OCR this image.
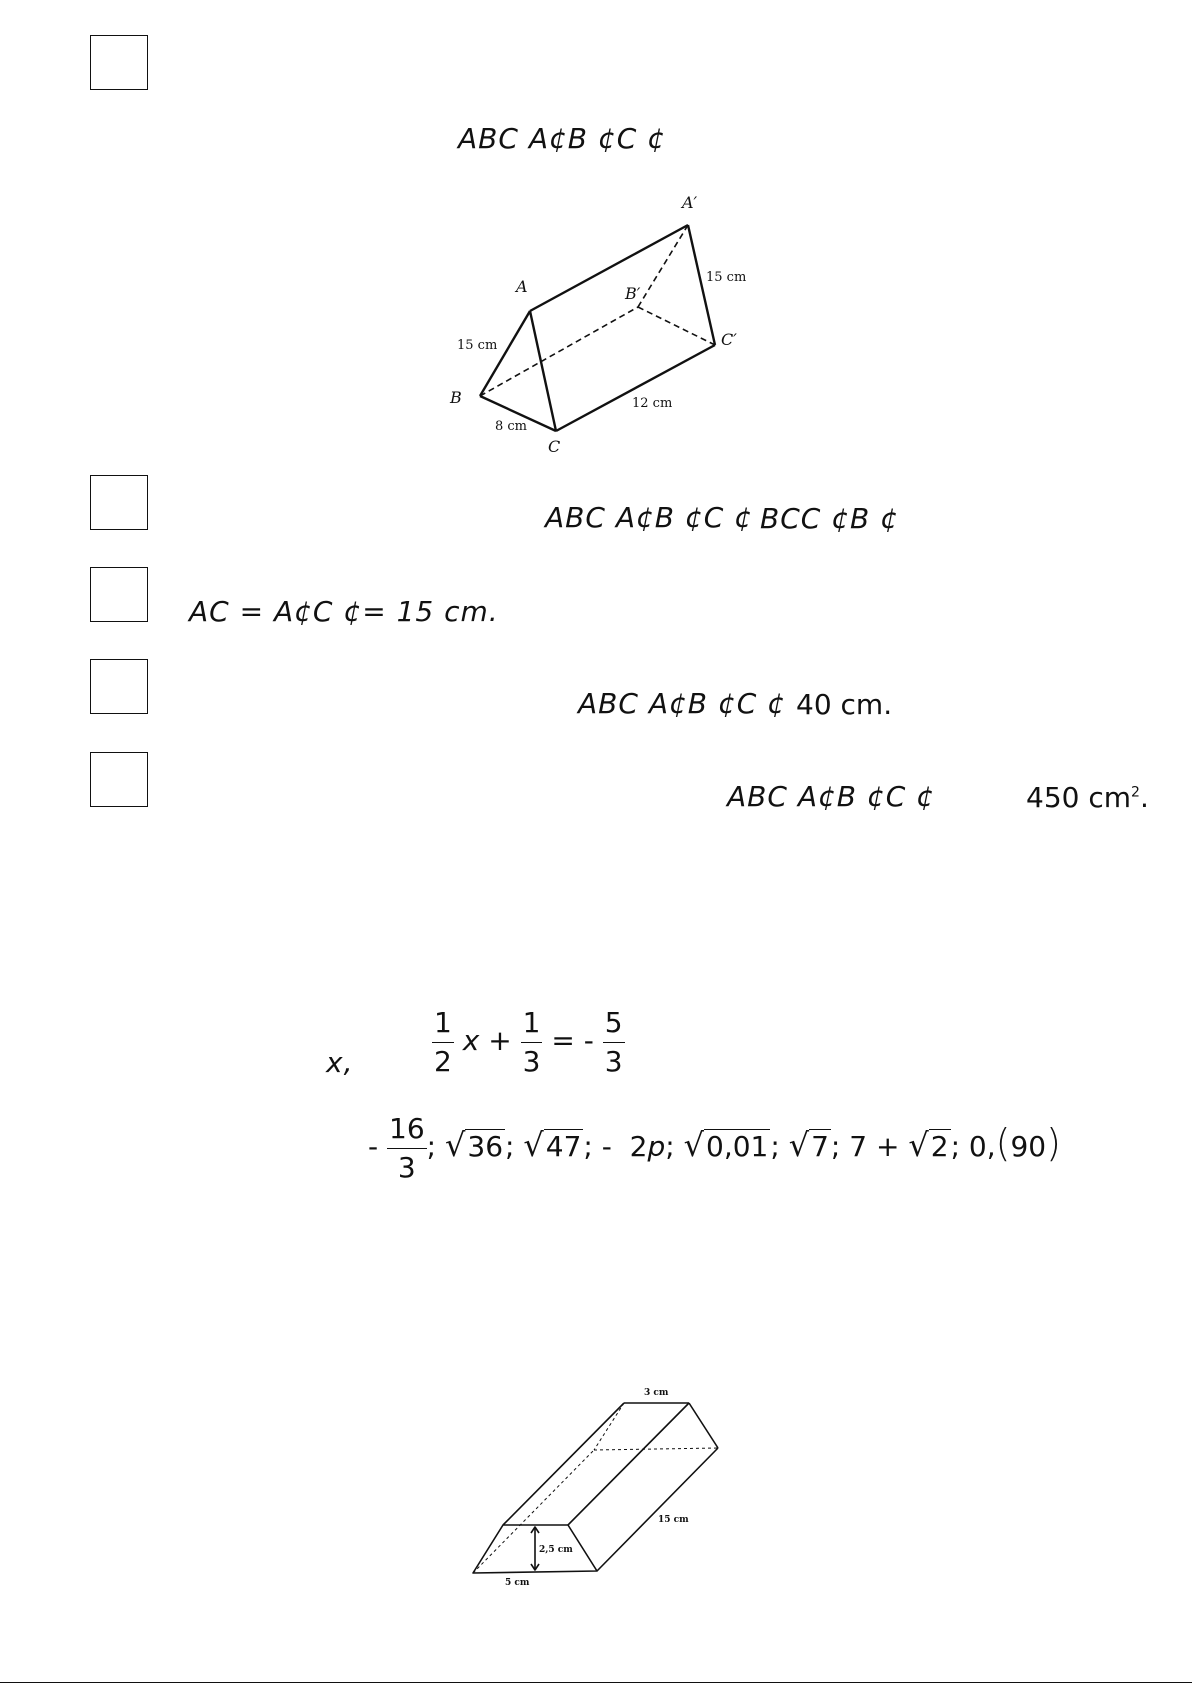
ABC A¢B ¢C ¢
A
B
C
A′
B′
C′
15 cm
8 cm
12 cm
15 cm
ABC A¢B ¢C ¢ BCC ¢B ¢
AC = A¢C ¢= 15 cm.
ABC A¢B ¢C ¢ 40 cm.
ABC A¢B ¢C ¢	450 $cm^2$.
x,	$\frac{1}{2}$ $x + \frac{1}{3}$ = - $\frac{5}{3}$
- $\frac{16}{3}$ ; √36; √47; - 2p; √0,01; √7; 7 + √2; 0,(90)
3 cm
15 cm
2,5 cm
5 cm
